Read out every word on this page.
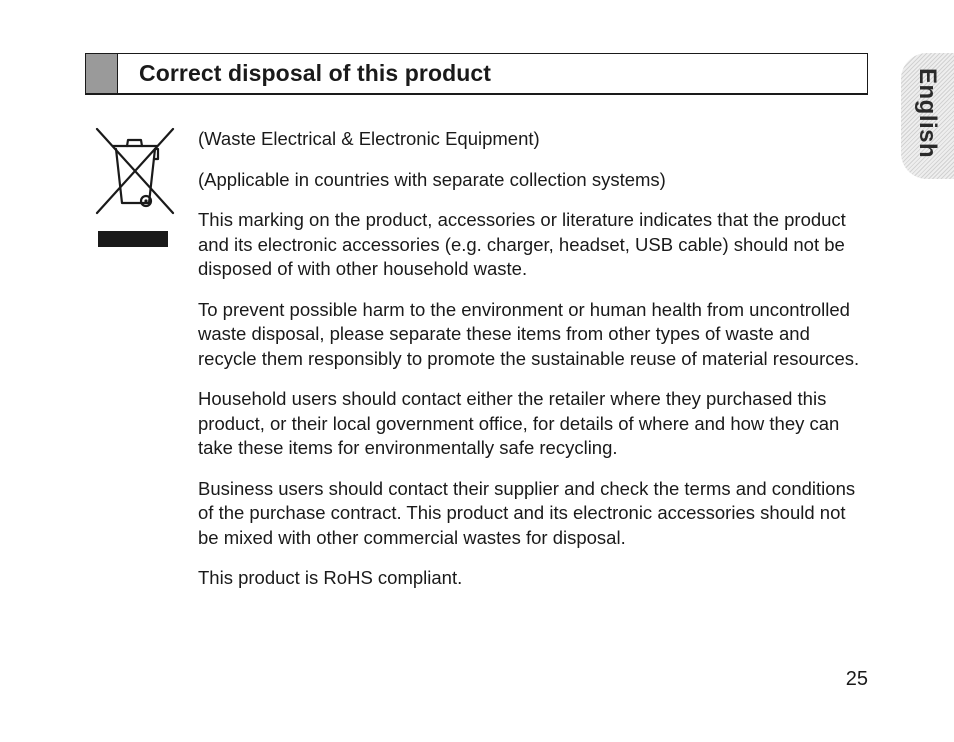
Correct disposal of this product	English

(Waste Electrical & Electronic Equipment)

(Applicable in countries with separate collection systems)

This marking on the product, accessories or literature indicates that the product and its electronic accessories (e.g. charger, headset, USB cable) should not be disposed of with other household waste.

To prevent possible harm to the environment or human health from uncontrolled waste disposal, please separate these items from other types of waste and recycle them responsibly to promote the sustainable reuse of material resources.

Household users should contact either the retailer where they purchased this product, or their local government office, for details of where and how they can take these items for environmentally safe recycling.

Business users should contact their supplier and check the terms and conditions of the purchase contract. This product and its electronic accessories should not be mixed with other commercial wastes for disposal.

This product is RoHS compliant.

25
